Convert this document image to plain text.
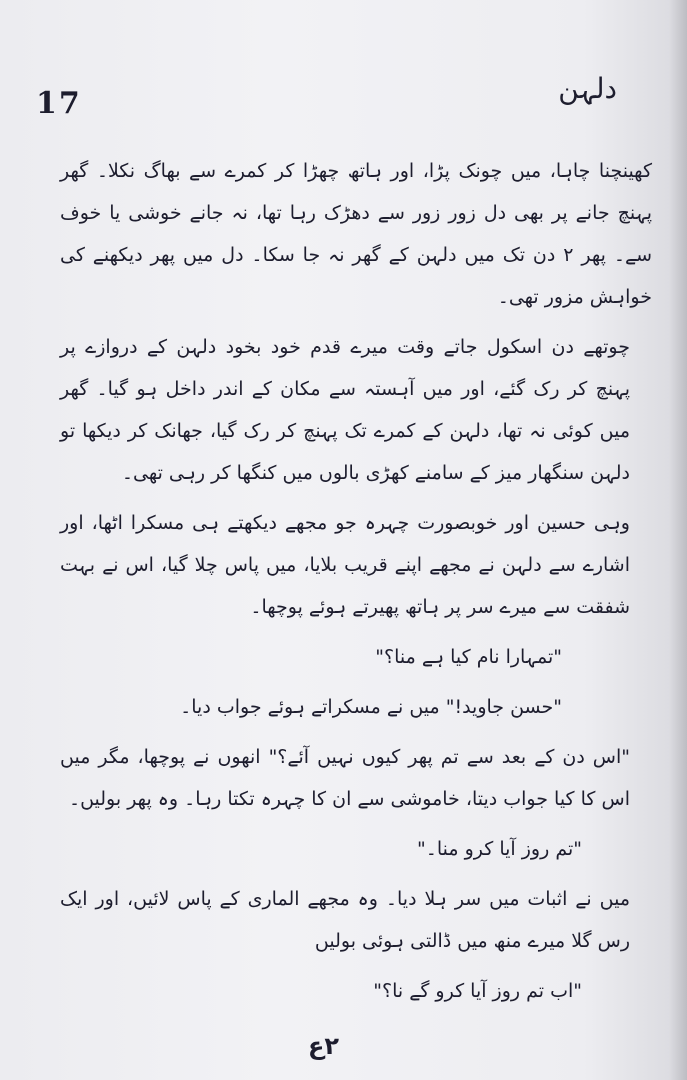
17	دلہن

کھینچنا چاہا، میں چونک پڑا، اور ہاتھ چھڑا کر کمرے سے بھاگ نکلا۔ گھر پہنچ جانے پر بھی دل زور زور سے دھڑک رہا تھا، نہ جانے خوشی یا خوف سے۔ پھر ۲ دن تک میں دلہن کے گھر نہ جا سکا۔ دل میں پھر دیکھنے کی خواہش مزور تھی۔

چوتھے دن اسکول جاتے وقت میرے قدم خود بخود دلہن کے دروازے پر پہنچ کر رک گئے، اور میں آہستہ سے مکان کے اندر داخل ہو گیا۔ گھر میں کوئی نہ تھا، دلہن کے کمرے تک پہنچ کر رک گیا، جھانک کر دیکھا تو دلہن سنگھار میز کے سامنے کھڑی بالوں میں کنگھا کر رہی تھی۔

وہی حسین اور خوبصورت چہرہ جو مجھے دیکھتے ہی مسکرا اٹھا، اور اشارے سے دلہن نے مجھے اپنے قریب بلایا، میں پاس چلا گیا، اس نے بہت شفقت سے میرے سر پر ہاتھ پھیرتے ہوئے پوچھا۔

"تمہارا نام کیا ہے منا؟"

"حسن جاوید!" میں نے مسکراتے ہوئے جواب دیا۔

"اس دن کے بعد سے تم پھر کیوں نہیں آئے؟" انھوں نے پوچھا، مگر میں اس کا کیا جواب دیتا، خاموشی سے ان کا چہرہ تکتا رہا۔ وہ پھر بولیں۔

"تم روز آیا کرو منا۔"

میں نے اثبات میں سر ہلا دیا۔ وہ مجھے الماری کے پاس لائیں، اور ایک رس گلا میرے منھ میں ڈالتی ہوئی بولیں

"اب تم روز آیا کرو گے نا؟"

۲ع
